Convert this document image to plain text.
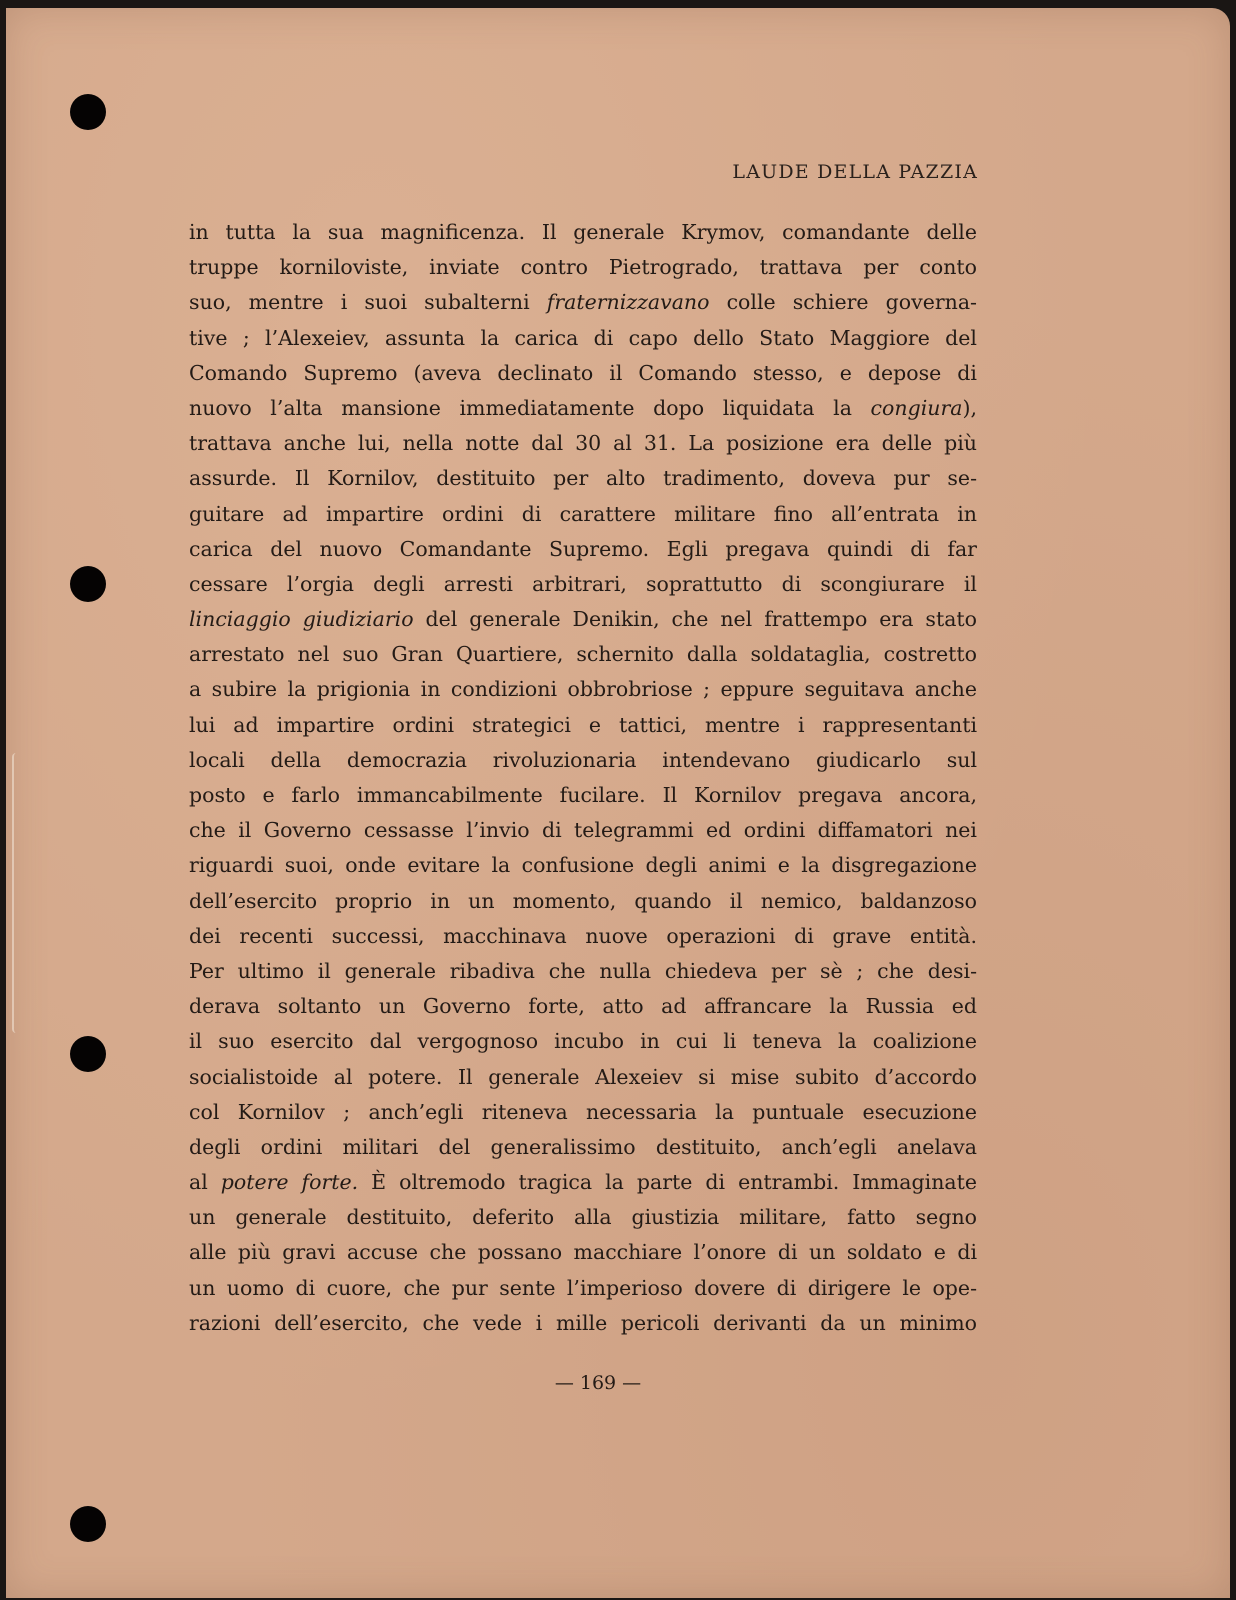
LAUDE DELLA PAZZIA
in tutta la sua magnificenza. Il generale Krymov, comandante delle
truppe korniloviste, inviate contro Pietrogrado, trattava per conto
suo, mentre i suoi subalterni fraternizzavano colle schiere governa-
tive ; l’Alexeiev, assunta la carica di capo dello Stato Maggiore del
Comando Supremo (aveva declinato il Comando stesso, e depose di
nuovo l’alta mansione immediatamente dopo liquidata la congiura),
trattava anche lui, nella notte dal 30 al 31. La posizione era delle più
assurde. Il Kornilov, destituito per alto tradimento, doveva pur se-
guitare ad impartire ordini di carattere militare fino all’entrata in
carica del nuovo Comandante Supremo. Egli pregava quindi di far
cessare l’orgia degli arresti arbitrari, soprattutto di scongiurare il
linciaggio giudiziario del generale Denikin, che nel frattempo era stato
arrestato nel suo Gran Quartiere, schernito dalla soldataglia, costretto
a subire la prigionia in condizioni obbrobriose ; eppure seguitava anche
lui ad impartire ordini strategici e tattici, mentre i rappresentanti
locali della democrazia rivoluzionaria intendevano giudicarlo sul
posto e farlo immancabilmente fucilare. Il Kornilov pregava ancora,
che il Governo cessasse l’invio di telegrammi ed ordini diffamatori nei
riguardi suoi, onde evitare la confusione degli animi e la disgregazione
dell’esercito proprio in un momento, quando il nemico, baldanzoso
dei recenti successi, macchinava nuove operazioni di grave entità.
Per ultimo il generale ribadiva che nulla chiedeva per sè ; che desi-
derava soltanto un Governo forte, atto ad affrancare la Russia ed
il suo esercito dal vergognoso incubo in cui li teneva la coalizione
socialistoide al potere. Il generale Alexeiev si mise subito d’accordo
col Kornilov ; anch’egli riteneva necessaria la puntuale esecuzione
degli ordini militari del generalissimo destituito, anch’egli anelava
al potere forte. È oltremodo tragica la parte di entrambi. Immaginate
un generale destituito, deferito alla giustizia militare, fatto segno
alle più gravi accuse che possano macchiare l’onore di un soldato e di
un uomo di cuore, che pur sente l’imperioso dovere di dirigere le ope-
razioni dell’esercito, che vede i mille pericoli derivanti da un minimo
— 169 —
